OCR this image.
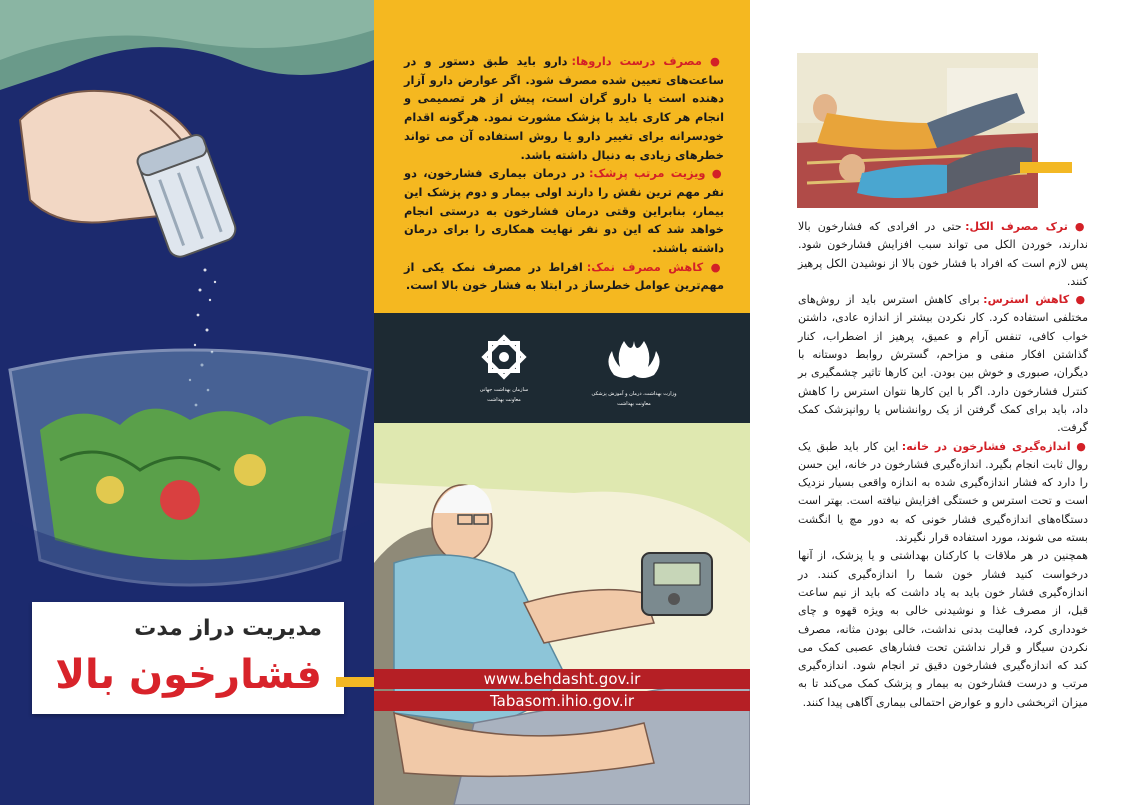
مدیریت دراز مدت
فشارخون بالا

● مصرف درست داروها: دارو باید طبق دستور و در ساعت‌های تعیین شده مصرف شود. اگر عوارض دارو آزار دهنده است یا دارو گران است، پیش از هر تصمیمی و انجام هر کاری باید با پزشک مشورت نمود. هرگونه اقدام خودسرانه برای تغییر دارو یا روش استفاده آن می تواند خطرهای زیادی به دنبال داشته باشد.

● ویزیت مرتب پزشک: در درمان بیماری فشارخون، دو نفر مهم ترین نقش را دارند اولی بیمار و دوم پزشک این بیمار، بنابراین وقتی درمان فشارخون به درستی انجام خواهد شد که این دو نفر نهایت همکاری را برای درمان داشته باشند.

● کاهش مصرف نمک: افراط در مصرف نمک یکی از مهم‌ترین عوامل خطرساز در ابتلا به فشار خون بالا است.

وزارت بهداشت، درمان و آموزش پزشکی
معاونت بهداشت
سازمان بهداشت جهانی
معاونت بهداشت
www.behdasht.gov.ir
Tabasom.ihio.gov.ir

● ترک مصرف الکل: حتی در افرادی که فشارخون بالا ندارند، خوردن الکل می تواند سبب افزایش فشارخون شود. پس لازم است که افراد با فشار خون بالا از نوشیدن الکل پرهیز کنند.

● کاهش استرس: برای کاهش استرس باید از روش‌های مختلفی استفاده کرد. کار نکردن بیشتر از اندازه عادی، داشتن خواب کافی، تنفس آرام و عمیق، پرهیز از اضطراب، کنار گذاشتن افکار منفی و مزاحم، گسترش روابط دوستانه با دیگران، صبوری و خوش بین بودن. این کارها تاثیر چشمگیری بر کنترل فشارخون دارد. اگر با این کارها نتوان استرس را کاهش داد، باید برای کمک گرفتن از یک روانشناس یا روانپزشک کمک گرفت.

● اندازه‌گیری فشارخون در خانه: این کار باید طبق یک روال ثابت انجام بگیرد. اندازه‌گیری فشارخون در خانه، این حسن را دارد که فشار اندازه‌گیری شده به اندازه واقعی بسیار نزدیک است و تحت استرس و خستگی افزایش نیافته است. بهتر است دستگاه‌های اندازه‌گیری فشار خونی که به دور مچ یا انگشت بسته می شوند، مورد استفاده قرار نگیرند.

همچنین در هر ملاقات با کارکنان بهداشتی و یا پزشک، از آنها درخواست کنید فشار خون شما را اندازه‌گیری کنند. در اندازه‌گیری فشار خون باید به یاد داشت که باید از نیم ساعت قبل، از مصرف غذا و نوشیدنی خالی به ویژه قهوه و چای خودداری کرد، فعالیت بدنی نداشت، خالی بودن مثانه، مصرف نکردن سیگار و قرار نداشتن تحت فشارهای عصبی کمک می کند که اندازه‌گیری فشارخون دقیق تر انجام شود. اندازه‌گیری مرتب و درست فشارخون به بیمار و پزشک کمک می‌کند تا به میزان اثربخشی دارو و عوارض احتمالی بیماری آگاهی پیدا کنند.
